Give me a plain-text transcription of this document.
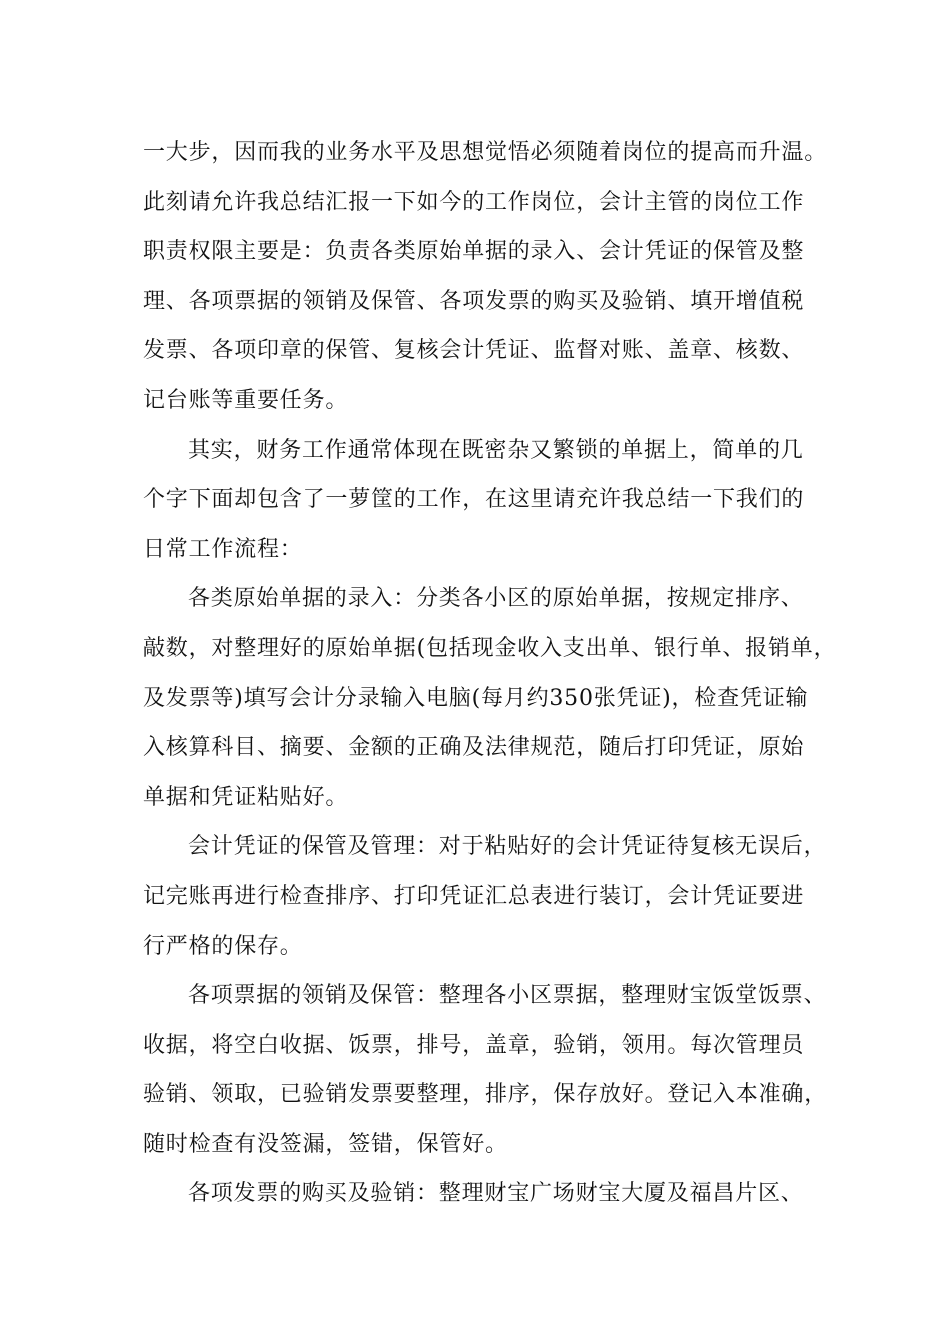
一大步，因而我的业务水平及思想觉悟必须随着岗位的提高而升温。
此刻请允许我总结汇报一下如今的工作岗位，会计主管的岗位工作
职责权限主要是：负责各类原始单据的录入、会计凭证的保管及整
理、各项票据的领销及保管、各项发票的购买及验销、填开增值税
发票、各项印章的保管、复核会计凭证、监督对账、盖章、核数、
记台账等重要任务。

其实，财务工作通常体现在既密杂又繁锁的单据上，简单的几
个字下面却包含了一萝筐的工作，在这里请充许我总结一下我们的
日常工作流程：

各类原始单据的录入：分类各小区的原始单据，按规定排序、
敲数，对整理好的原始单据(包括现金收入支出单、银行单、报销单，
及发票等)填写会计分录输入电脑(每月约350张凭证)，检查凭证输
入核算科目、摘要、金额的正确及法律规范，随后打印凭证，原始
单据和凭证粘贴好。

会计凭证的保管及管理：对于粘贴好的会计凭证待复核无误后，
记完账再进行检查排序、打印凭证汇总表进行装订，会计凭证要进
行严格的保存。

各项票据的领销及保管：整理各小区票据，整理财宝饭堂饭票、
收据，将空白收据、饭票，排号，盖章，验销，领用。每次管理员
验销、领取，已验销发票要整理，排序，保存放好。登记入本准确，
随时检查有没签漏，签错，保管好。

各项发票的购买及验销：整理财宝广场财宝大厦及福昌片区、
